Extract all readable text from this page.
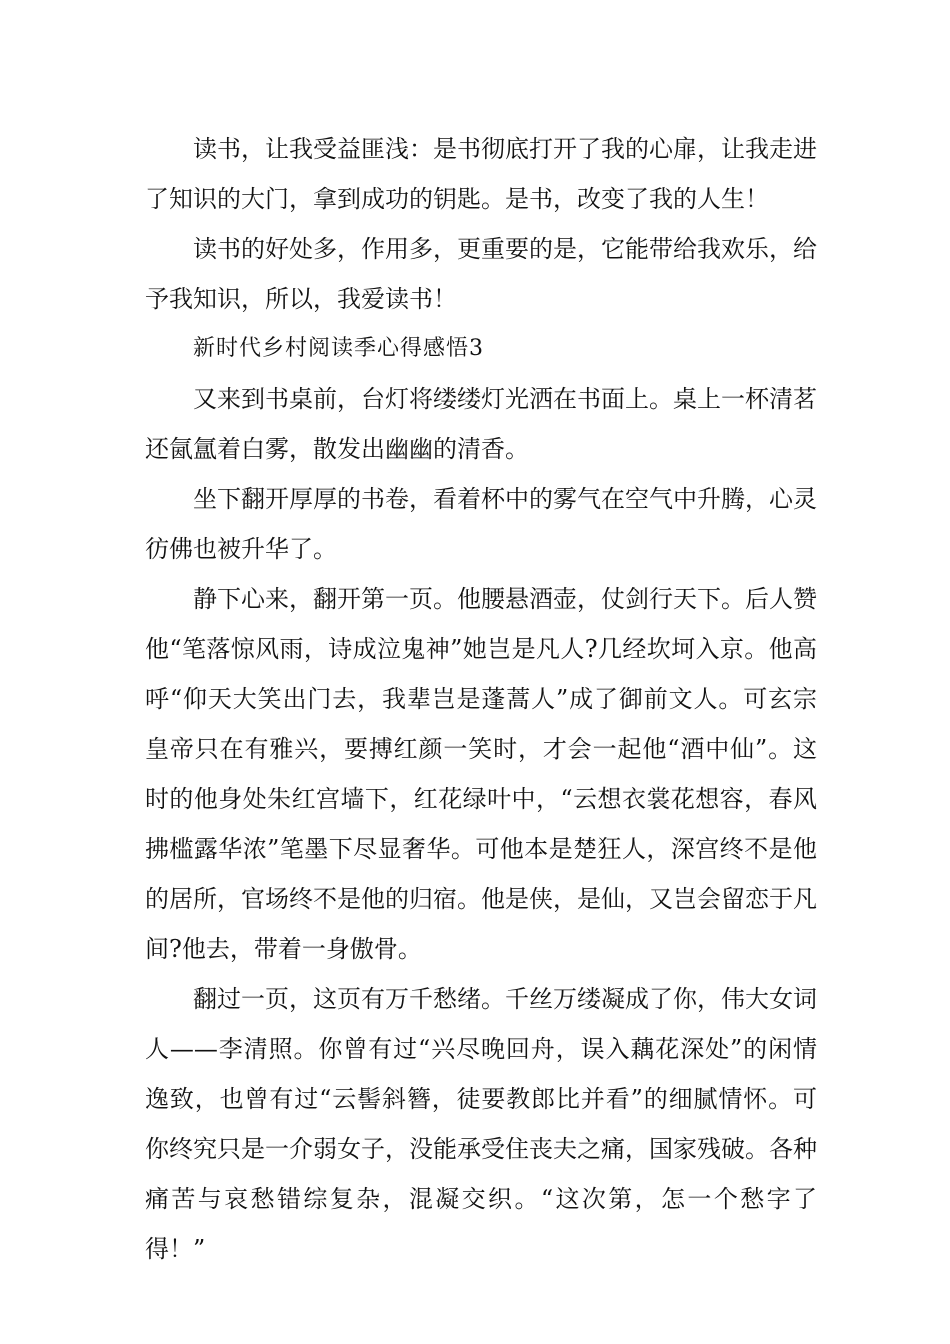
读书，让我受益匪浅：是书彻底打开了我的心扉，让我走进了知识的大门，拿到成功的钥匙。是书，改变了我的人生！

读书的好处多，作用多，更重要的是，它能带给我欢乐，给予我知识，所以，我爱读书！

新时代乡村阅读季心得感悟3

又来到书桌前，台灯将缕缕灯光洒在书面上。桌上一杯清茗还氤氲着白雾，散发出幽幽的清香。

坐下翻开厚厚的书卷，看着杯中的雾气在空气中升腾，心灵彷佛也被升华了。

静下心来，翻开第一页。他腰悬酒壶，仗剑行天下。后人赞他“笔落惊风雨，诗成泣鬼神”她岂是凡人?几经坎坷入京。他高呼“仰天大笑出门去，我辈岂是蓬蒿人”成了御前文人。可玄宗皇帝只在有雅兴，要搏红颜一笑时，才会一起他“酒中仙”。这时的他身处朱红宫墙下，红花绿叶中，“云想衣裳花想容，春风拂槛露华浓”笔墨下尽显奢华。可他本是楚狂人，深宫终不是他的居所，官场终不是他的归宿。他是侠，是仙，又岂会留恋于凡间?他去，带着一身傲骨。

翻过一页，这页有万千愁绪。千丝万缕凝成了你，伟大女词人——李清照。你曾有过“兴尽晚回舟，误入藕花深处”的闲情逸致，也曾有过“云髻斜簪，徒要教郎比并看”的细腻情怀。可你终究只是一介弱女子，没能承受住丧夫之痛，国家残破。各种痛苦与哀愁错综复杂，混凝交织。“这次第，怎一个愁字了得！”
